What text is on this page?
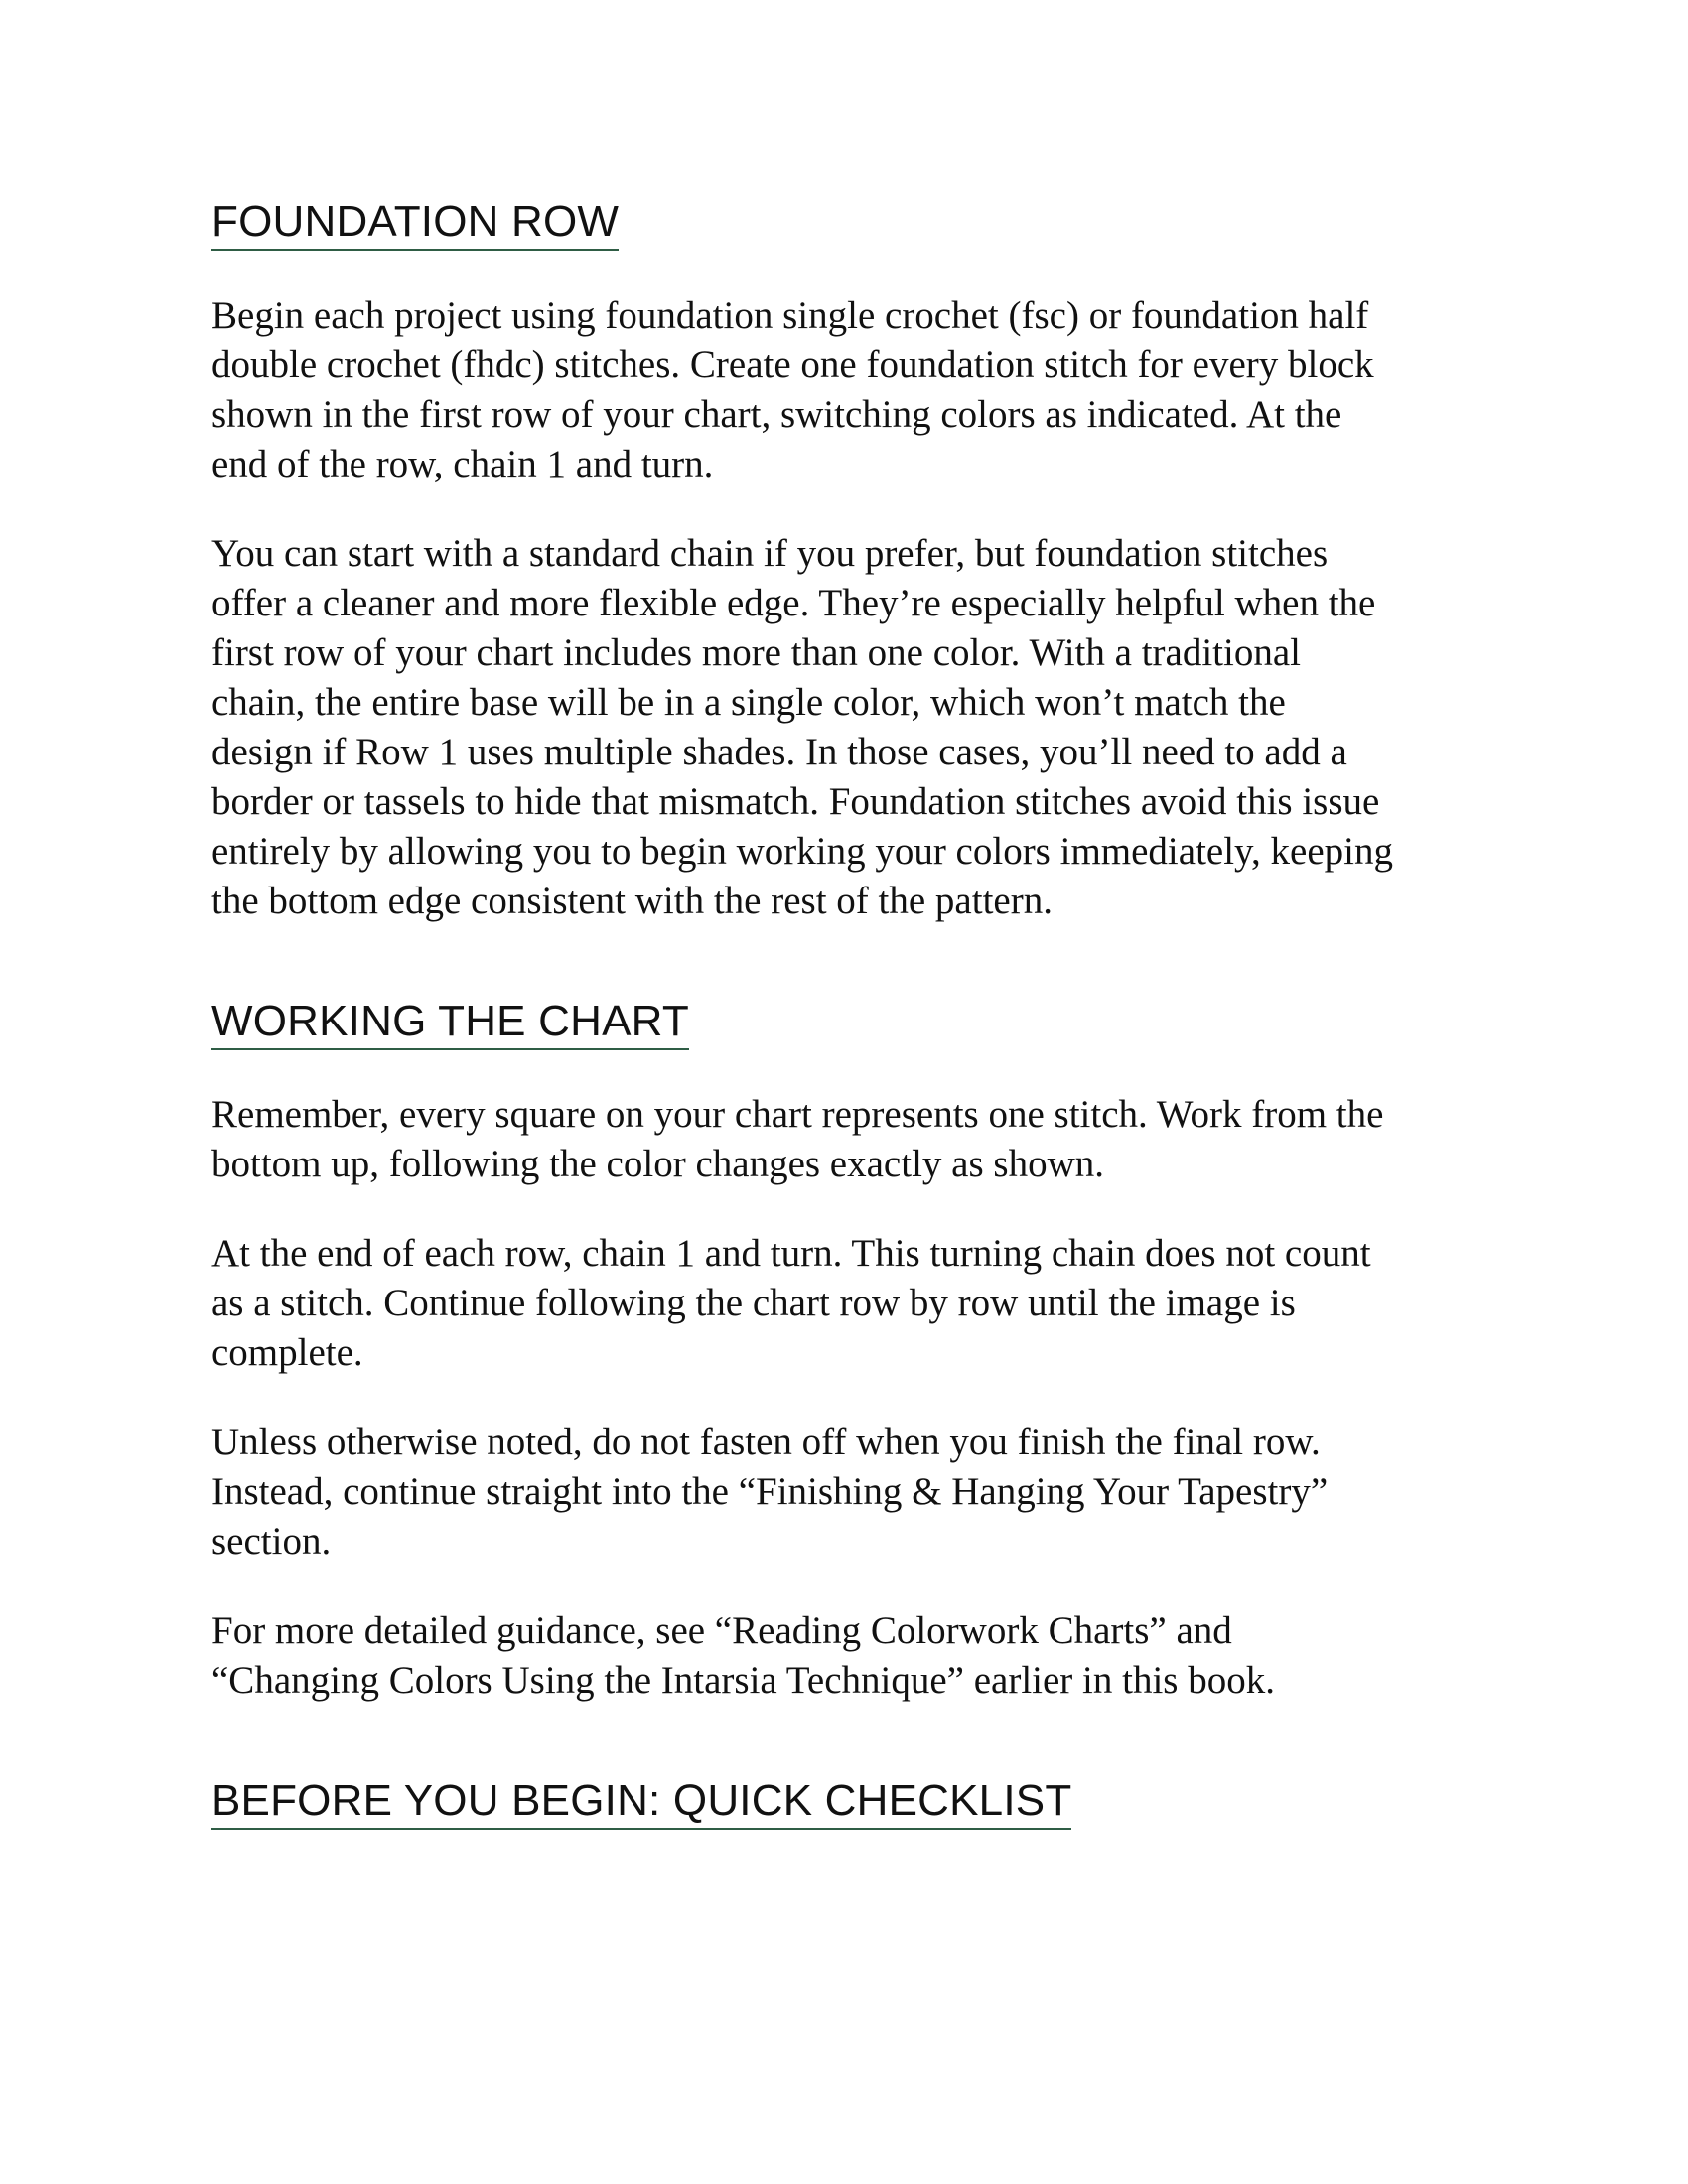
FOUNDATION ROW

Begin each project using foundation single crochet (fsc) or foundation half
double crochet (fhdc) stitches. Create one foundation stitch for every block
shown in the first row of your chart, switching colors as indicated. At the
end of the row, chain 1 and turn.

You can start with a standard chain if you prefer, but foundation stitches
offer a cleaner and more flexible edge. They’re especially helpful when the
first row of your chart includes more than one color. With a traditional
chain, the entire base will be in a single color, which won’t match the
design if Row 1 uses multiple shades. In those cases, you’ll need to add a
border or tassels to hide that mismatch. Foundation stitches avoid this issue
entirely by allowing you to begin working your colors immediately, keeping
the bottom edge consistent with the rest of the pattern.

WORKING THE CHART

Remember, every square on your chart represents one stitch. Work from the
bottom up, following the color changes exactly as shown.

At the end of each row, chain 1 and turn. This turning chain does not count
as a stitch. Continue following the chart row by row until the image is
complete.

Unless otherwise noted, do not fasten off when you finish the final row.
Instead, continue straight into the “Finishing & Hanging Your Tapestry”
section.

For more detailed guidance, see “Reading Colorwork Charts” and
“Changing Colors Using the Intarsia Technique” earlier in this book.

BEFORE YOU BEGIN: QUICK CHECKLIST
